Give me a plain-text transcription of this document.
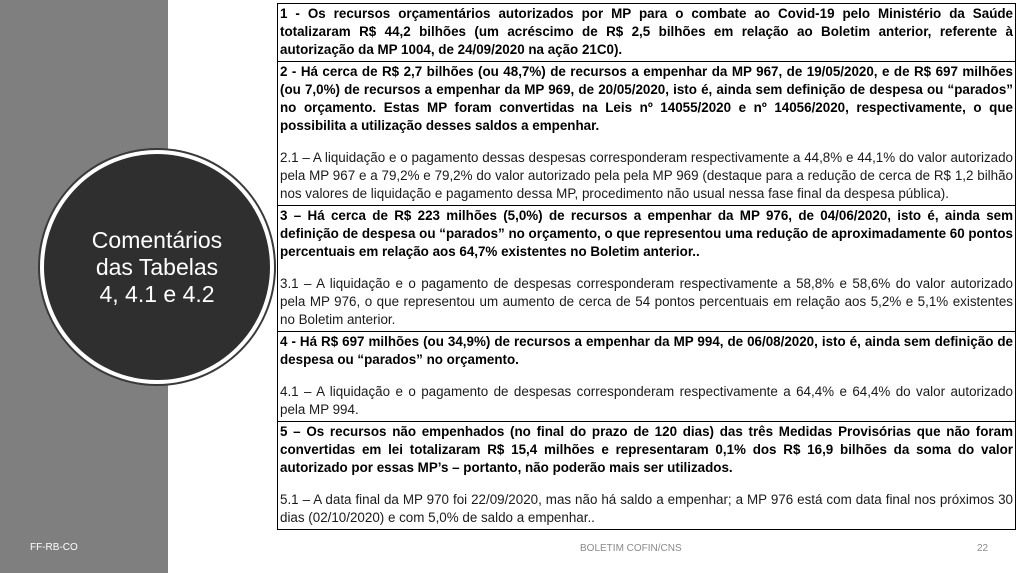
Comentários
das Tabelas
4, 4.1 e 4.2
FF-RB-CO	BOLETIM COFIN/CNS	22
1 - Os recursos orçamentários autorizados por MP para o combate ao Covid-19 pelo Ministério da Saúde totalizaram R$ 44,2 bilhões (um acréscimo de R$ 2,5 bilhões em relação ao Boletim anterior, referente à autorização da MP 1004, de 24/09/2020 na ação 21C0).
2 - Há cerca de R$ 2,7 bilhões (ou 48,7%) de recursos a empenhar da MP 967, de 19/05/2020, e de R$ 697 milhões (ou 7,0%) de recursos a empenhar da MP 969, de 20/05/2020, isto é, ainda sem definição de despesa ou “parados” no orçamento. Estas MP foram convertidas na Leis nº 14055/2020 e nº 14056/2020, respectivamente, o que possibilita a utilização desses saldos a empenhar.
2.1 – A liquidação e o pagamento dessas despesas corresponderam respectivamente a 44,8% e 44,1% do valor autorizado pela MP 967 e a 79,2% e 79,2% do valor autorizado pela pela MP 969 (destaque para a redução de cerca de R$ 1,2 bilhão nos valores de liquidação e pagamento dessa MP, procedimento não usual nessa fase final da despesa pública).
3 – Há cerca de R$ 223 milhões (5,0%) de recursos a empenhar da MP 976, de 04/06/2020, isto é, ainda sem definição de despesa ou “parados” no orçamento, o que representou uma redução de aproximadamente 60 pontos percentuais em relação aos 64,7% existentes no Boletim anterior..
3.1 – A liquidação e o pagamento de despesas corresponderam respectivamente a 58,8% e 58,6% do valor autorizado pela MP 976, o que representou um aumento de cerca de 54 pontos percentuais em relação aos 5,2% e 5,1% existentes no Boletim anterior.
4 - Há R$ 697 milhões (ou 34,9%) de recursos a empenhar da MP 994, de 06/08/2020, isto é, ainda sem definição de despesa ou “parados” no orçamento.
4.1 – A liquidação e o pagamento de despesas corresponderam respectivamente a 64,4% e 64,4% do valor autorizado pela MP 994.
5 – Os recursos não empenhados (no final do prazo de 120 dias) das três Medidas Provisórias que não foram convertidas em lei totalizaram R$ 15,4 milhões e representaram 0,1% dos R$ 16,9 bilhões da soma do valor autorizado por essas MP’s – portanto, não poderão mais ser utilizados.
5.1 – A data final da MP 970 foi 22/09/2020, mas não há saldo a empenhar; a MP 976 está com data final nos próximos 30 dias (02/10/2020) e com 5,0% de saldo a empenhar..
